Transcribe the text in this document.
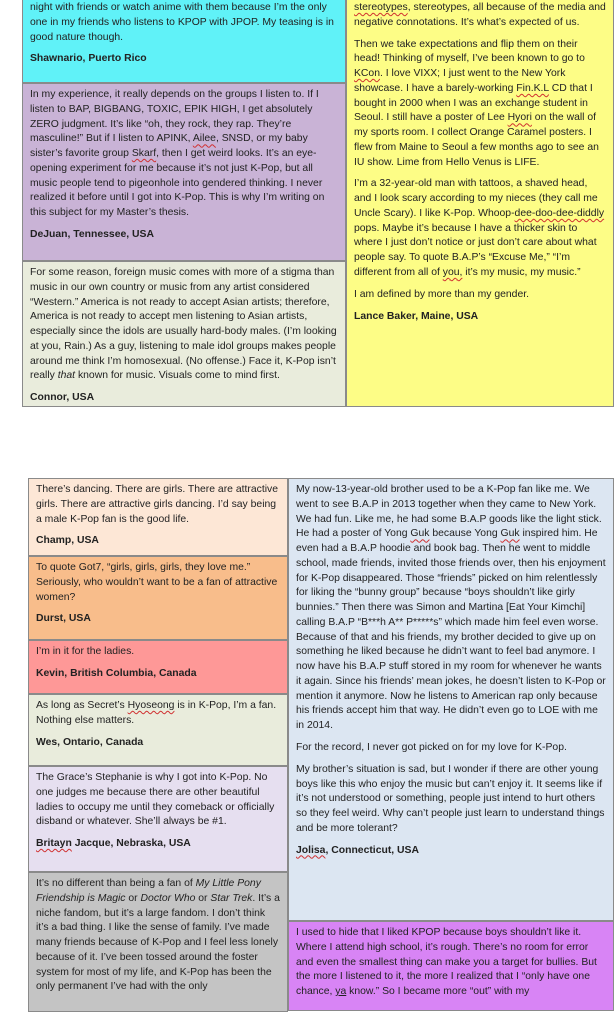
night with friends or watch anime with them because I’m the only one in my friends who listens to KPOP with JPOP. My teasing is in good nature though.

Shawnario, Puerto Rico

In my experience, it really depends on the groups I listen to. If I listen to BAP, BIGBANG, TOXIC, EPIK HIGH, I get absolutely ZERO judgment. It’s like “oh, they rock, they rap. They’re masculine!” But if I listen to APINK, Ailee, SNSD, or my baby sister’s favorite group Skarf, then I get weird looks. It’s an eye-opening experiment for me because it’s not just K-Pop, but all music people tend to pigeonhole into gendered thinking. I never realized it before until I got into K-Pop. This is why I’m writing on this subject for my Master’s thesis.

DeJuan, Tennessee, USA

For some reason, foreign music comes with more of a stigma than music in our own country or music from any artist considered “Western.” America is not ready to accept Asian artists; therefore, America is not ready to accept men listening to Asian artists, especially since the idols are usually hard-body males. (I’m looking at you, Rain.) As a guy, listening to male idol groups makes people around me think I’m homosexual. (No offense.) Face it, K-Pop isn’t really that known for music. Visuals come to mind first.

Connor, USA

stereotypes, stereotypes, all because of the media and negative connotations. It’s what’s expected of us.

Then we take expectations and flip them on their head! Thinking of myself, I’ve been known to go to KCon. I love VIXX; I just went to the New York showcase. I have a barely-working Fin.K.L CD that I bought in 2000 when I was an exchange student in Seoul. I still have a poster of Lee Hyori on the wall of my sports room. I collect Orange Caramel posters. I flew from Maine to Seoul a few months ago to see an IU show. Lime from Hello Venus is LIFE.

I’m a 32-year-old man with tattoos, a shaved head, and I look scary according to my nieces (they call me Uncle Scary). I like K-Pop. Whoop-dee-doo-dee-diddly pops. Maybe it’s because I have a thicker skin to where I just don’t notice or just don’t care about what people say. To quote B.A.P’s “Excuse Me,” “I’m different from all of you, it’s my music, my music.”

I am defined by more than my gender.

Lance Baker, Maine, USA

There’s dancing. There are girls. There are attractive girls. There are attractive girls dancing. I’d say being a male K-Pop fan is the good life.

Champ, USA

To quote Got7, “girls, girls, girls, they love me.” Seriously, who wouldn’t want to be a fan of attractive women?

Durst, USA

I’m in it for the ladies.

Kevin, British Columbia, Canada

As long as Secret’s Hyoseong is in K-Pop, I’m a fan. Nothing else matters.

Wes, Ontario, Canada

The Grace’s Stephanie is why I got into K-Pop. No one judges me because there are other beautiful ladies to occupy me until they comeback or officially disband or whatever. She’ll always be #1.

Britayn Jacque, Nebraska, USA

It’s no different than being a fan of My Little Pony Friendship is Magic or Doctor Who or Star Trek. It’s a niche fandom, but it’s a large fandom. I don’t think it’s a bad thing. I like the sense of family. I’ve made many friends because of K-Pop and I feel less lonely because of it. I’ve been tossed around the foster system for most of my life, and K-Pop has been the only permanent I’ve had with the only

My now-13-year-old brother used to be a K-Pop fan like me. We went to see B.A.P in 2013 together when they came to New York. We had fun. Like me, he had some B.A.P goods like the light stick. He had a poster of Yong Guk because Yong Guk inspired him. He even had a B.A.P hoodie and book bag. Then he went to middle school, made friends, invited those friends over, then his enjoyment for K-Pop disappeared. Those “friends” picked on him relentlessly for liking the “bunny group” because “boys shouldn’t like girly bunnies.” Then there was Simon and Martina [Eat Your Kimchi] calling B.A.P “B***h A** P*****s” which made him feel even worse. Because of that and his friends, my brother decided to give up on something he liked because he didn’t want to feel bad anymore. I now have his B.A.P stuff stored in my room for whenever he wants it again. Since his friends’ mean jokes, he doesn’t listen to K-Pop or mention it anymore. Now he listens to American rap only because his friends accept him that way. He didn’t even go to LOE with me in 2014.

For the record, I never got picked on for my love for K-Pop.

My brother’s situation is sad, but I wonder if there are other young boys like this who enjoy the music but can’t enjoy it. It seems like if it’s not understood or something, people just intend to hurt others so they feel weird. Why can’t people just learn to understand things and be more tolerant?

Jolisa, Connecticut, USA

I used to hide that I liked KPOP because boys shouldn’t like it. Where I attend high school, it’s rough. There’s no room for error and even the smallest thing can make you a target for bullies. But the more I listened to it, the more I realized that I “only have one chance, ya know.” So I became more “out” with my
